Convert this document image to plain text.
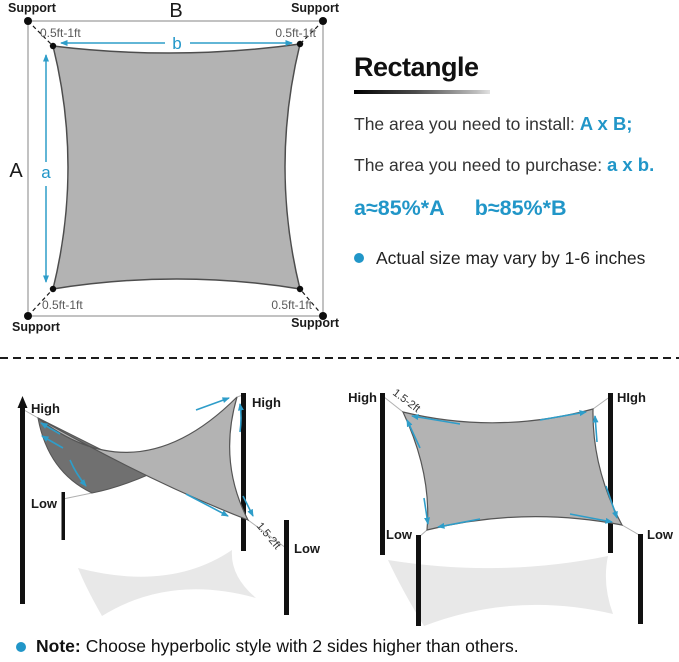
b
a
B
A
Support	Support
Support	Support
0.5ft-1ft	0.5ft-1ft
0.5ft-1ft	0.5ft-1ft
Rectangle
The area you need to install: A x B;
The area you need to purchase: a x b.
a≈85%*A b≈85%*B
Actual size may vary by 1-6 inches
High	High
Low
Low
1.5-2ft
High	HIgh
Low	Low
1.5-2ft
Note: Choose hyperbolic style with 2 sides higher than others.
